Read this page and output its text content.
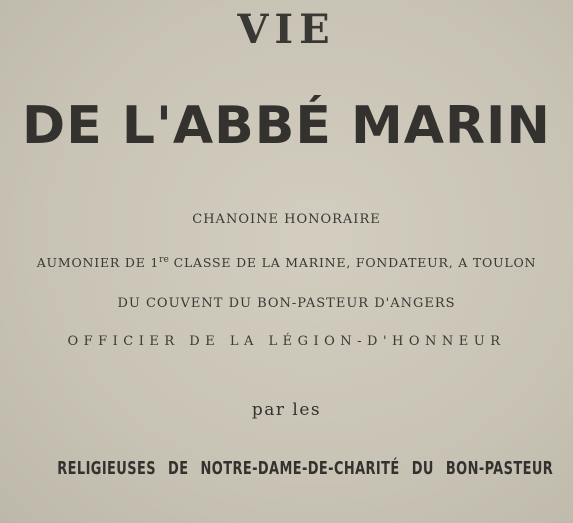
VIE
DE L'ABBÉ MARIN
CHANOINE HONORAIRE
AUMONIER DE 1re CLASSE DE LA MARINE, FONDATEUR, A TOULON
DU COUVENT DU BON-PASTEUR D'ANGERS
OFFICIER DE LA LÉGION-D'HONNEUR
par les
RELIGIEUSES DE NOTRE-DAME-DE-CHARITÉ DU BON-PASTEUR
